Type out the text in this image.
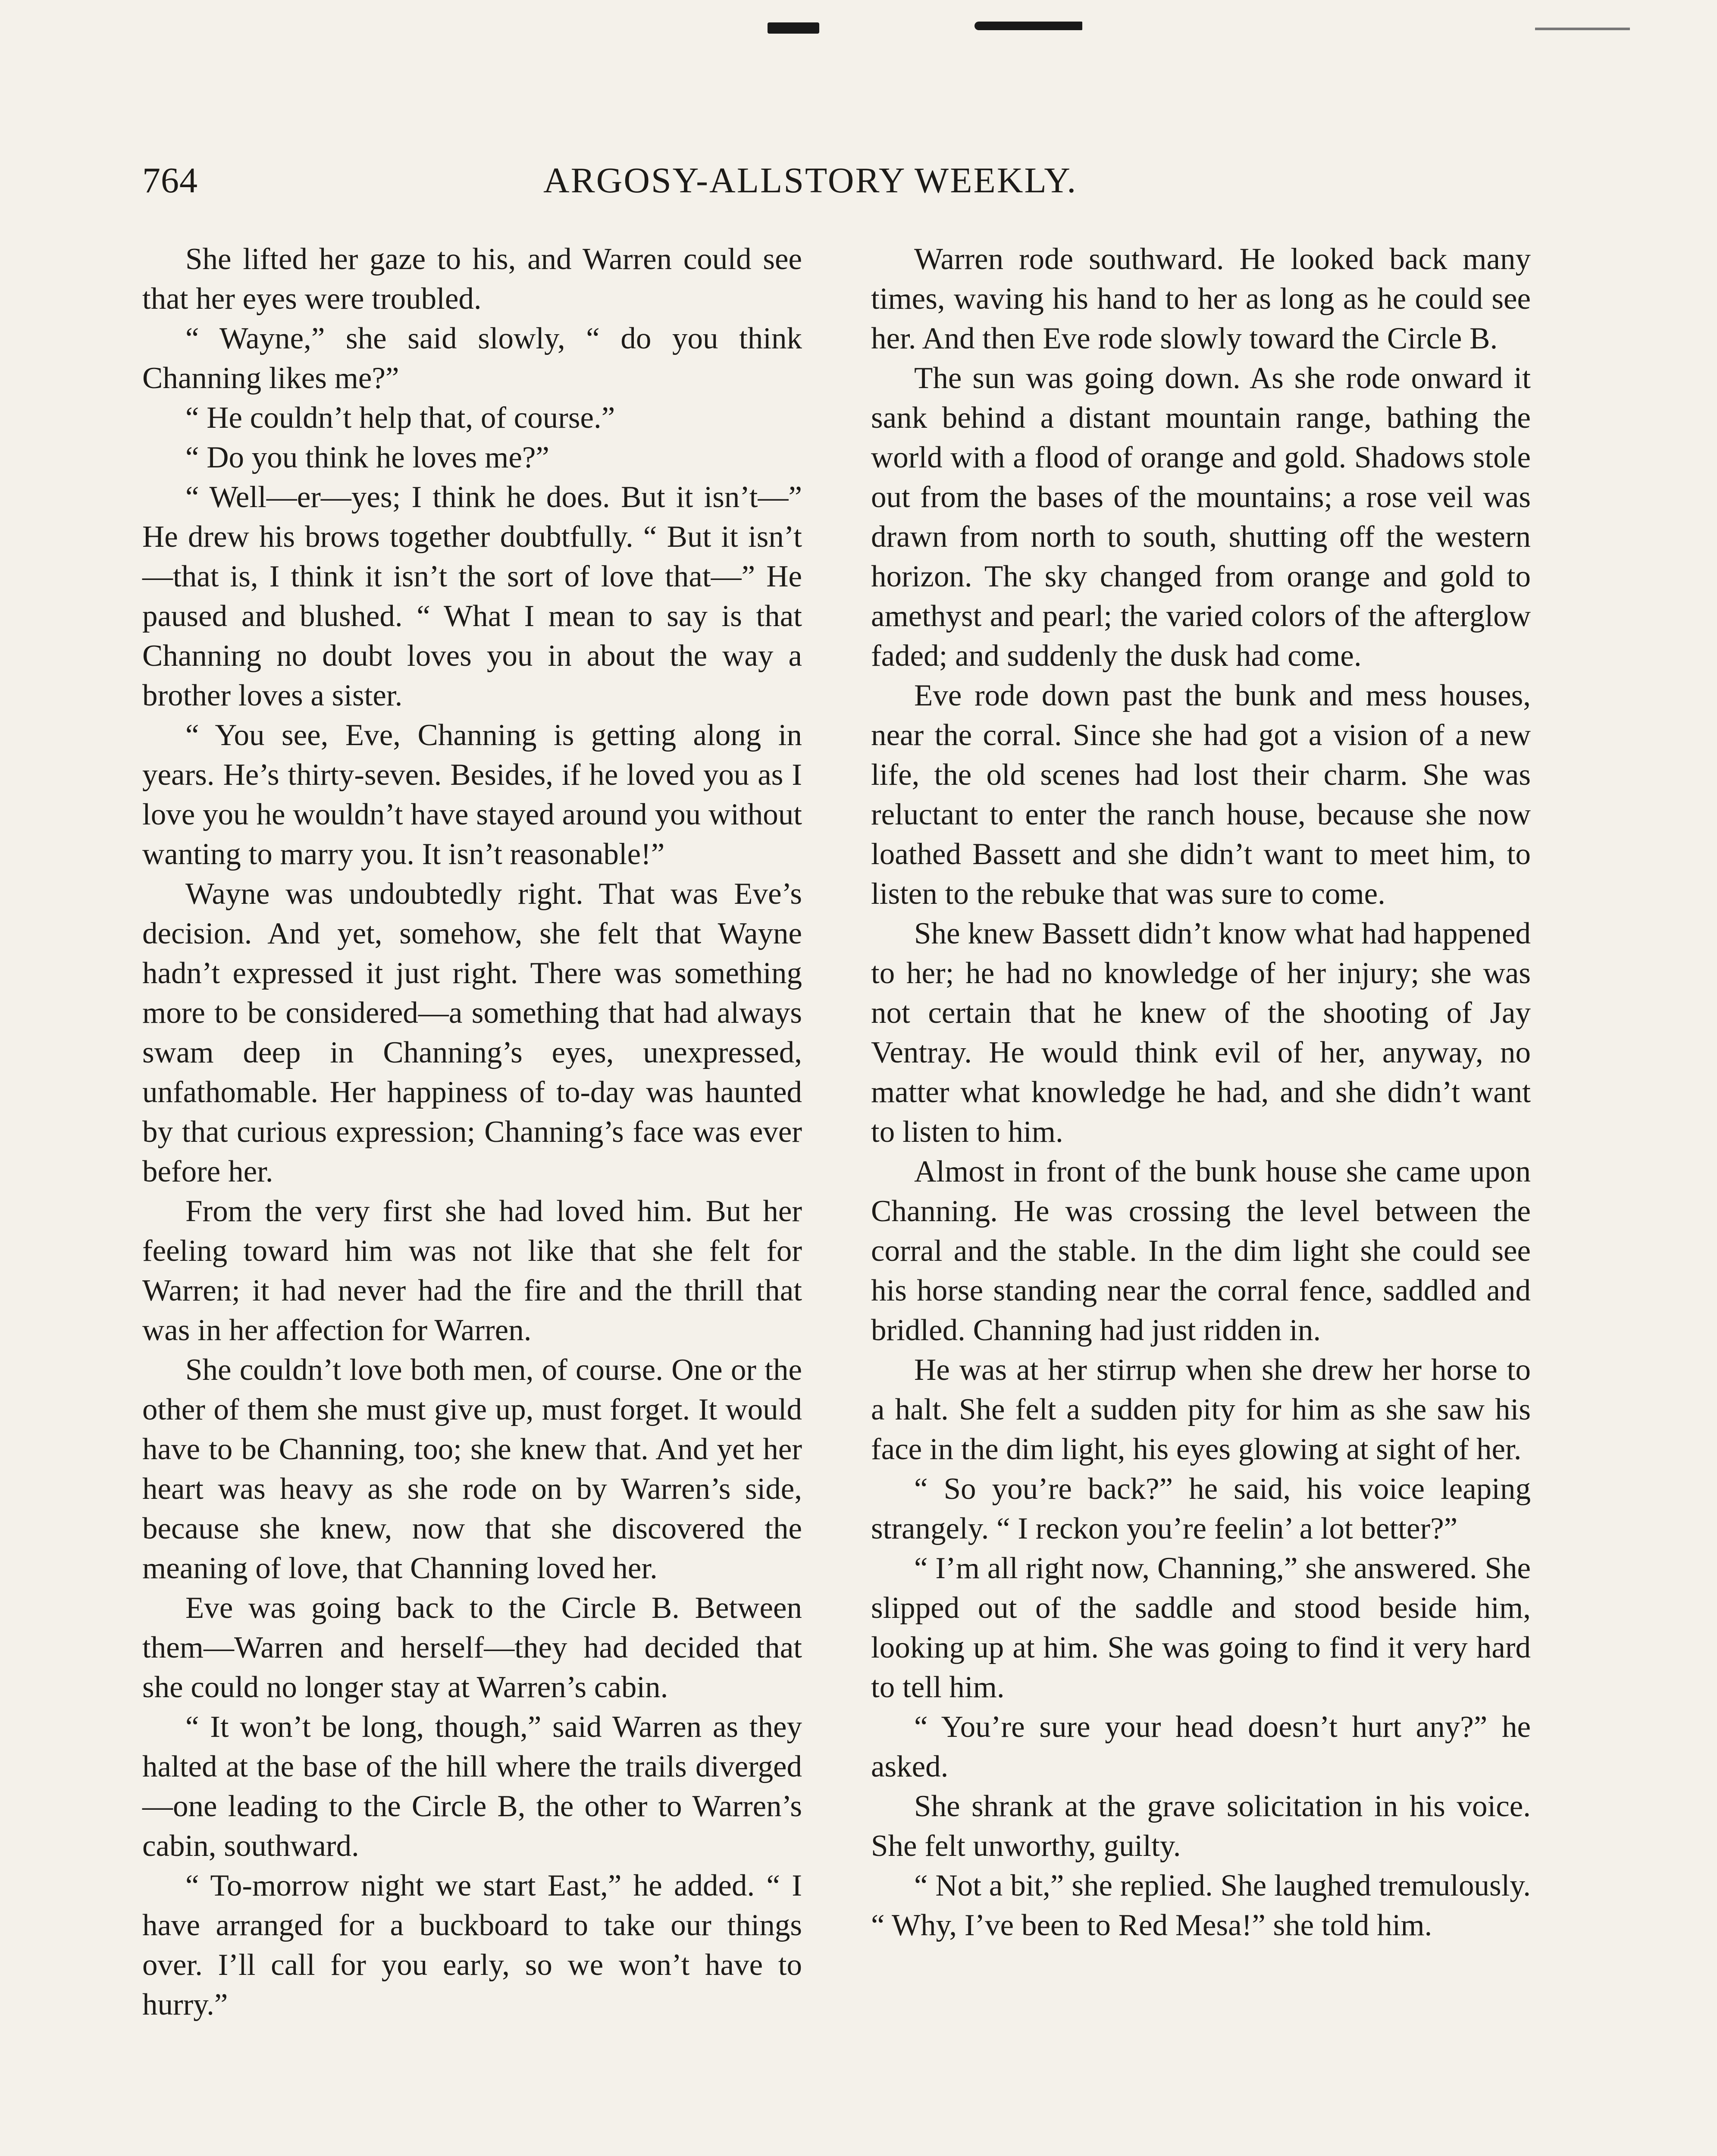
764	ARGOSY-ALLSTORY WEEKLY.

She lifted her gaze to his, and Warren could see that her eyes were troubled.

“ Wayne,” she said slowly, “ do you think Channing likes me?”

“ He couldn’t help that, of course.”

“ Do you think he loves me?”

“ Well—er—yes; I think he does. But it isn’t—” He drew his brows together doubtfully. “ But it isn’t—that is, I think it isn’t the sort of love that—” He paused and blushed. “ What I mean to say is that Channing no doubt loves you in about the way a brother loves a sister.

“ You see, Eve, Channing is getting along in years. He’s thirty-seven. Besides, if he loved you as I love you he wouldn’t have stayed around you without wanting to marry you. It isn’t reasonable!”

Wayne was undoubtedly right. That was Eve’s decision. And yet, somehow, she felt that Wayne hadn’t expressed it just right. There was something more to be considered—a something that had always swam deep in Channing’s eyes, unexpressed, unfathomable. Her happiness of to-day was haunted by that curious expression; Channing’s face was ever before her.

From the very first she had loved him. But her feeling toward him was not like that she felt for Warren; it had never had the fire and the thrill that was in her affection for Warren.

She couldn’t love both men, of course. One or the other of them she must give up, must forget. It would have to be Channing, too; she knew that. And yet her heart was heavy as she rode on by Warren’s side, because she knew, now that she discovered the meaning of love, that Channing loved her.

Eve was going back to the Circle B. Between them—Warren and herself—they had decided that she could no longer stay at Warren’s cabin.

“ It won’t be long, though,” said Warren as they halted at the base of the hill where the trails diverged—one leading to the Circle B, the other to Warren’s cabin, southward.

“ To-morrow night we start East,” he added. “ I have arranged for a buckboard to take our things over. I’ll call for you early, so we won’t have to hurry.”

Warren rode southward. He looked back many times, waving his hand to her as long as he could see her. And then Eve rode slowly toward the Circle B.

The sun was going down. As she rode onward it sank behind a distant mountain range, bathing the world with a flood of orange and gold. Shadows stole out from the bases of the mountains; a rose veil was drawn from north to south, shutting off the western horizon. The sky changed from orange and gold to amethyst and pearl; the varied colors of the afterglow faded; and suddenly the dusk had come.

Eve rode down past the bunk and mess houses, near the corral. Since she had got a vision of a new life, the old scenes had lost their charm. She was reluctant to enter the ranch house, because she now loathed Bassett and she didn’t want to meet him, to listen to the rebuke that was sure to come.

She knew Bassett didn’t know what had happened to her; he had no knowledge of her injury; she was not certain that he knew of the shooting of Jay Ventray. He would think evil of her, anyway, no matter what knowledge he had, and she didn’t want to listen to him.

Almost in front of the bunk house she came upon Channing. He was crossing the level between the corral and the stable. In the dim light she could see his horse standing near the corral fence, saddled and bridled. Channing had just ridden in.

He was at her stirrup when she drew her horse to a halt. She felt a sudden pity for him as she saw his face in the dim light, his eyes glowing at sight of her.

“ So you’re back?” he said, his voice leaping strangely. “ I reckon you’re feelin’ a lot better?”

“ I’m all right now, Channing,” she answered. She slipped out of the saddle and stood beside him, looking up at him. She was going to find it very hard to tell him.

“ You’re sure your head doesn’t hurt any?” he asked.

She shrank at the grave solicitation in his voice. She felt unworthy, guilty.

“ Not a bit,” she replied. She laughed tremulously. “ Why, I’ve been to Red Mesa!” she told him.
